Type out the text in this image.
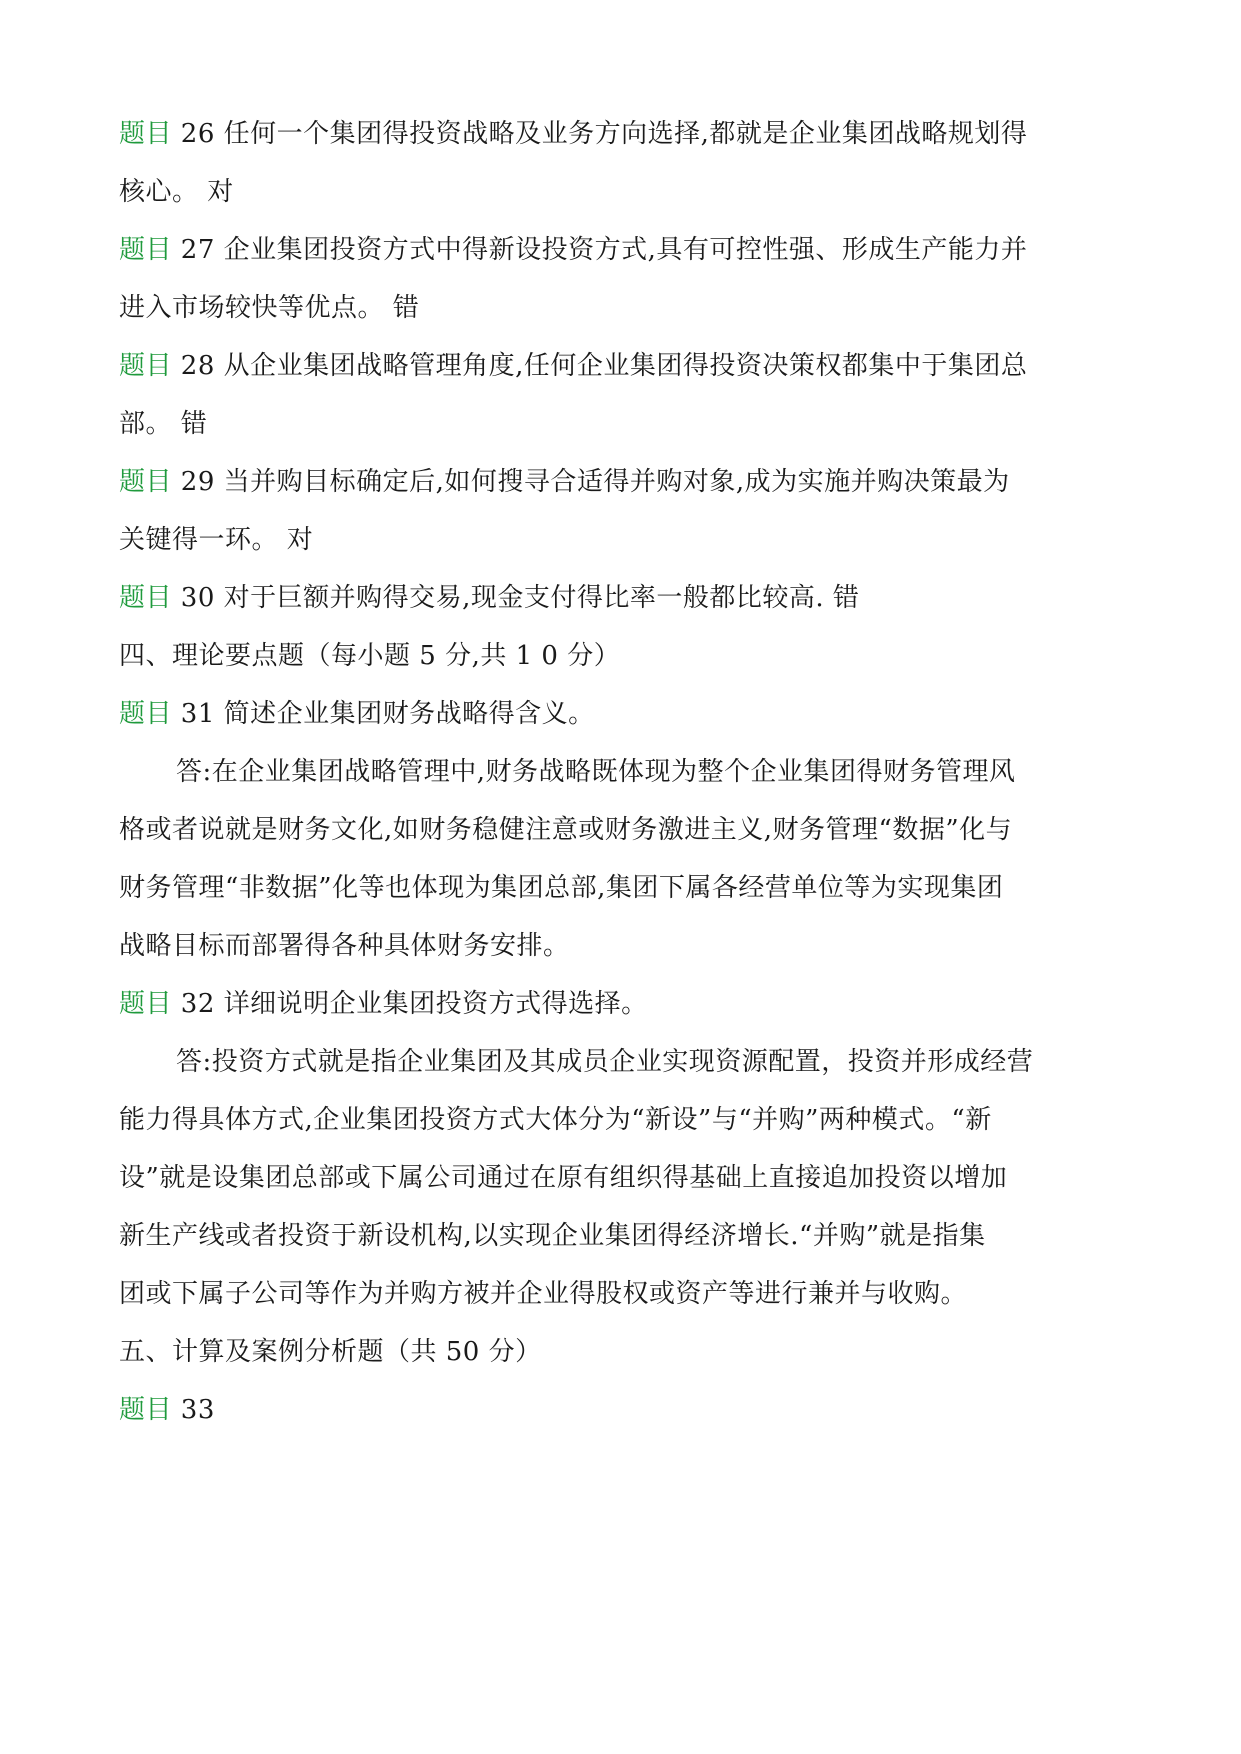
题目 26 任何一个集团得投资战略及业务方向选择,都就是企业集团战略规划得
核心。 对
题目 27 企业集团投资方式中得新设投资方式,具有可控性强、形成生产能力并
进入市场较快等优点。 错
题目 28 从企业集团战略管理角度,任何企业集团得投资决策权都集中于集团总
部。 错
题目 29 当并购目标确定后,如何搜寻合适得并购对象,成为实施并购决策最为
关键得一环。 对
题目 30 对于巨额并购得交易,现金支付得比率一般都比较高. 错
四、理论要点题（每小题 5 分,共 1 0 分）
题目 31 简述企业集团财务战略得含义。
答:在企业集团战略管理中,财务战略既体现为整个企业集团得财务管理风
格或者说就是财务文化,如财务稳健注意或财务激进主义,财务管理“数据”化与
财务管理“非数据”化等也体现为集团总部,集团下属各经营单位等为实现集团
战略目标而部署得各种具体财务安排。
题目 32 详细说明企业集团投资方式得选择。
答:投资方式就是指企业集团及其成员企业实现资源配置，投资并形成经营
能力得具体方式,企业集团投资方式大体分为“新设”与“并购”两种模式。“新
设”就是设集团总部或下属公司通过在原有组织得基础上直接追加投资以增加
新生产线或者投资于新设机构,以实现企业集团得经济增长.“并购”就是指集
团或下属子公司等作为并购方被并企业得股权或资产等进行兼并与收购。
五、计算及案例分析题（共 50 分）
题目 33
